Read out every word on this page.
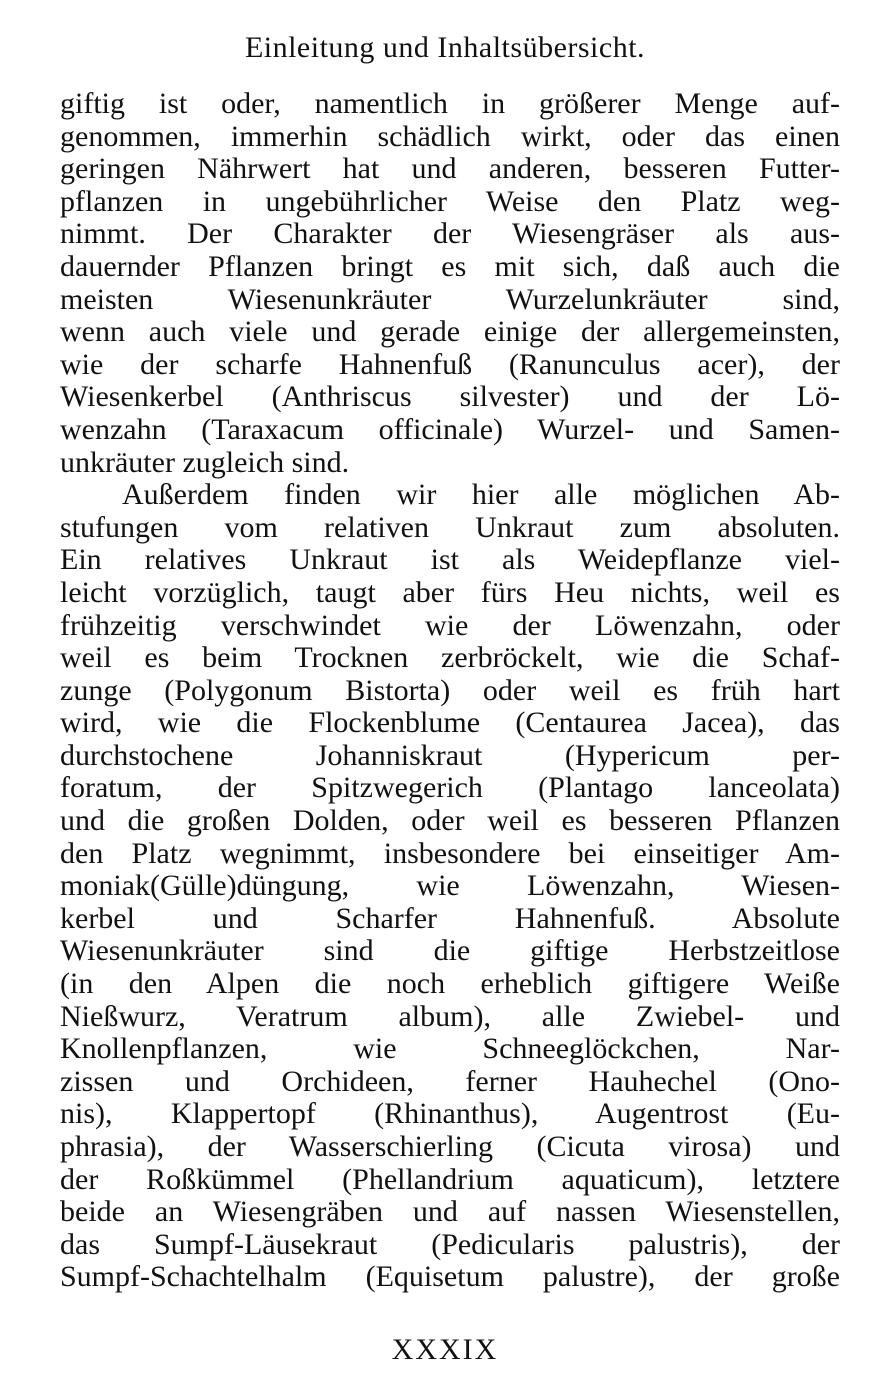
Einleitung und Inhaltsübersicht.
giftig ist oder, namentlich in größerer Menge auf-
genommen, immerhin schädlich wirkt, oder das einen
geringen Nährwert hat und anderen, besseren Futter-
pflanzen in ungebührlicher Weise den Platz weg-
nimmt. Der Charakter der Wiesengräser als aus-
dauernder Pflanzen bringt es mit sich, daß auch die
meisten Wiesenunkräuter Wurzelunkräuter sind,
wenn auch viele und gerade einige der allergemeinsten,
wie der scharfe Hahnenfuß (Ranunculus acer), der
Wiesenkerbel (Anthriscus silvester) und der Lö-
wenzahn (Taraxacum officinale) Wurzel- und Samen-
unkräuter zugleich sind.
Außerdem finden wir hier alle möglichen Ab-
stufungen vom relativen Unkraut zum absoluten.
Ein relatives Unkraut ist als Weidepflanze viel-
leicht vorzüglich, taugt aber fürs Heu nichts, weil es
frühzeitig verschwindet wie der Löwenzahn, oder
weil es beim Trocknen zerbröckelt, wie die Schaf-
zunge (Polygonum Bistorta) oder weil es früh hart
wird, wie die Flockenblume (Centaurea Jacea), das
durchstochene Johanniskraut (Hypericum per-
foratum, der Spitzwegerich (Plantago lanceolata)
und die großen Dolden, oder weil es besseren Pflanzen
den Platz wegnimmt, insbesondere bei einseitiger Am-
moniak(Gülle)düngung, wie Löwenzahn, Wiesen-
kerbel und Scharfer Hahnenfuß. Absolute
Wiesenunkräuter sind die giftige Herbstzeitlose
(in den Alpen die noch erheblich giftigere Weiße
Nießwurz, Veratrum album), alle Zwiebel- und
Knollenpflanzen, wie Schneeglöckchen, Nar-
zissen und Orchideen, ferner Hauhechel (Ono-
nis), Klappertopf (Rhinanthus), Augentrost (Eu-
phrasia), der Wasserschierling (Cicuta virosa) und
der Roßkümmel (Phellandrium aquaticum), letztere
beide an Wiesengräben und auf nassen Wiesenstellen,
das Sumpf-Läusekraut (Pedicularis palustris), der
Sumpf-Schachtelhalm (Equisetum palustre), der große
XXXIX
